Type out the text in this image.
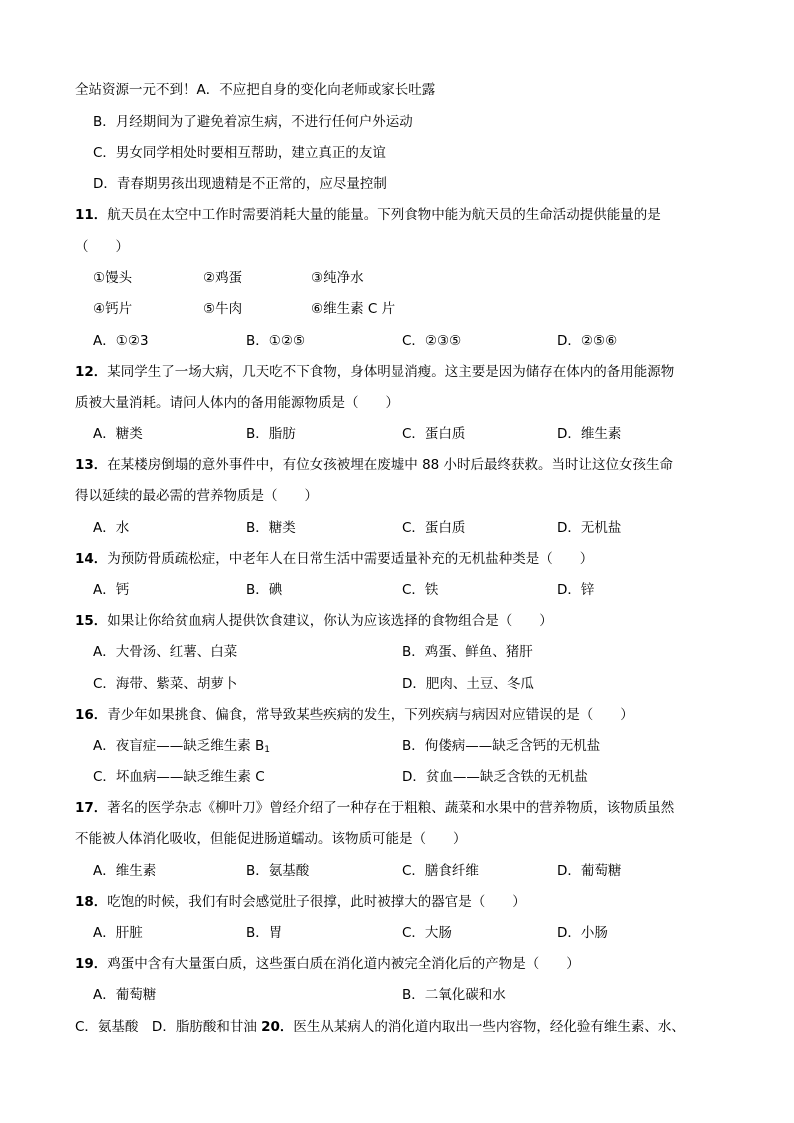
全站资源一元不到！A．不应把自身的变化向老师或家长吐露
B．月经期间为了避免着凉生病，不进行任何户外运动
C．男女同学相处时要相互帮助，建立真正的友谊
D．青春期男孩出现遗精是不正常的，应尽量控制
11．航天员在太空中工作时需要消耗大量的能量。下列食物中能为航天员的生命活动提供能量的是
（　　）
①馒头	②鸡蛋	③纯净水
④钙片	⑤牛肉	⑥维生素 C 片
A．①②3	B．①②⑤	C．②③⑤	D．②⑤⑥
12．某同学生了一场大病，几天吃不下食物，身体明显消瘦。这主要是因为储存在体内的备用能源物
质被大量消耗。请问人体内的备用能源物质是（　　）
A．糖类	B．脂肪	C．蛋白质	D．维生素
13．在某楼房倒塌的意外事件中，有位女孩被埋在废墟中 88 小时后最终获救。当时让这位女孩生命
得以延续的最必需的营养物质是（　　）
A．水	B．糖类	C．蛋白质	D．无机盐
14．为预防骨质疏松症，中老年人在日常生活中需要适量补充的无机盐种类是（　　）
A．钙	B．碘	C．铁	D．锌
15．如果让你给贫血病人提供饮食建议，你认为应该选择的食物组合是（　　）
A．大骨汤、红薯、白菜	B．鸡蛋、鲜鱼、猪肝
C．海带、紫菜、胡萝卜	D．肥肉、土豆、冬瓜
16．青少年如果挑食、偏食，常导致某些疾病的发生，下列疾病与病因对应错误的是（　　）
A．夜盲症——缺乏维生素 $B_1$	B．佝偻病——缺乏含钙的无机盐
C．坏血病——缺乏维生素 C	D．贫血——缺乏含铁的无机盐
17．著名的医学杂志《柳叶刀》曾经介绍了一种存在于粗粮、蔬菜和水果中的营养物质，该物质虽然
不能被人体消化吸收，但能促进肠道蠕动。该物质可能是（　　）
A．维生素	B．氨基酸	C．膳食纤维	D．葡萄糖
18．吃饱的时候，我们有时会感觉肚子很撑，此时被撑大的器官是（　　）
A．肝脏	B．胃	C．大肠	D．小肠
19．鸡蛋中含有大量蛋白质，这些蛋白质在消化道内被完全消化后的产物是（　　）
A．葡萄糖	B．二氧化碳和水
C．氨基酸　D．脂肪酸和甘油 20．医生从某病人的消化道内取出一些内容物，经化验有维生素、水、
